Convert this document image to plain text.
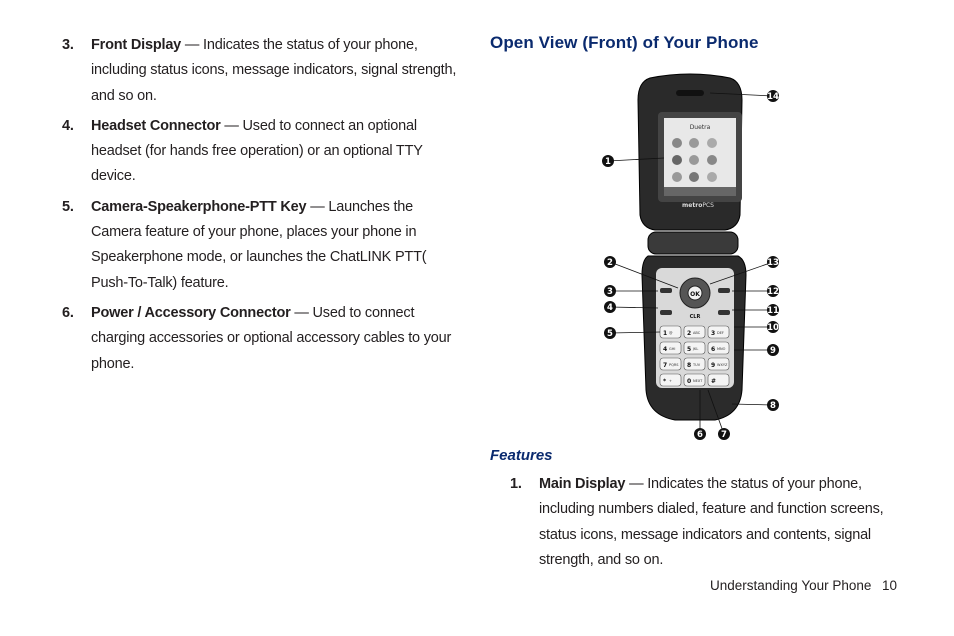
3. Front Display — Indicates the status of your phone, including status icons, message indicators, signal strength, and so on.
4. Headset Connector — Used to connect an optional headset (for hands free operation) or an optional TTY device.
5. Camera-Speakerphone-PTT Key — Launches the Camera feature of your phone, places your phone in Speakerphone mode, or launches the ChatLINK PTT( Push-To-Talk) feature.
6. Power / Accessory Connector — Used to connect charging accessories or optional accessory cables to your phone.
Open View (Front) of Your Phone
Duetra
metroPCS
OK
CLR
1 @ 2 ABC 3 DEF
4 GHI 5 JKL 6 MNO
7 PQRS 8 TUV 9 WXYZ
* +	0 NEXT #
1
2
3
4
5
6 7
8
9
10
11
12
13
14
Features
1. Main Display — Indicates the status of your phone, including numbers dialed, feature and function screens, status icons, message indicators and contents, signal strength, and so on.
Understanding Your Phone 10
